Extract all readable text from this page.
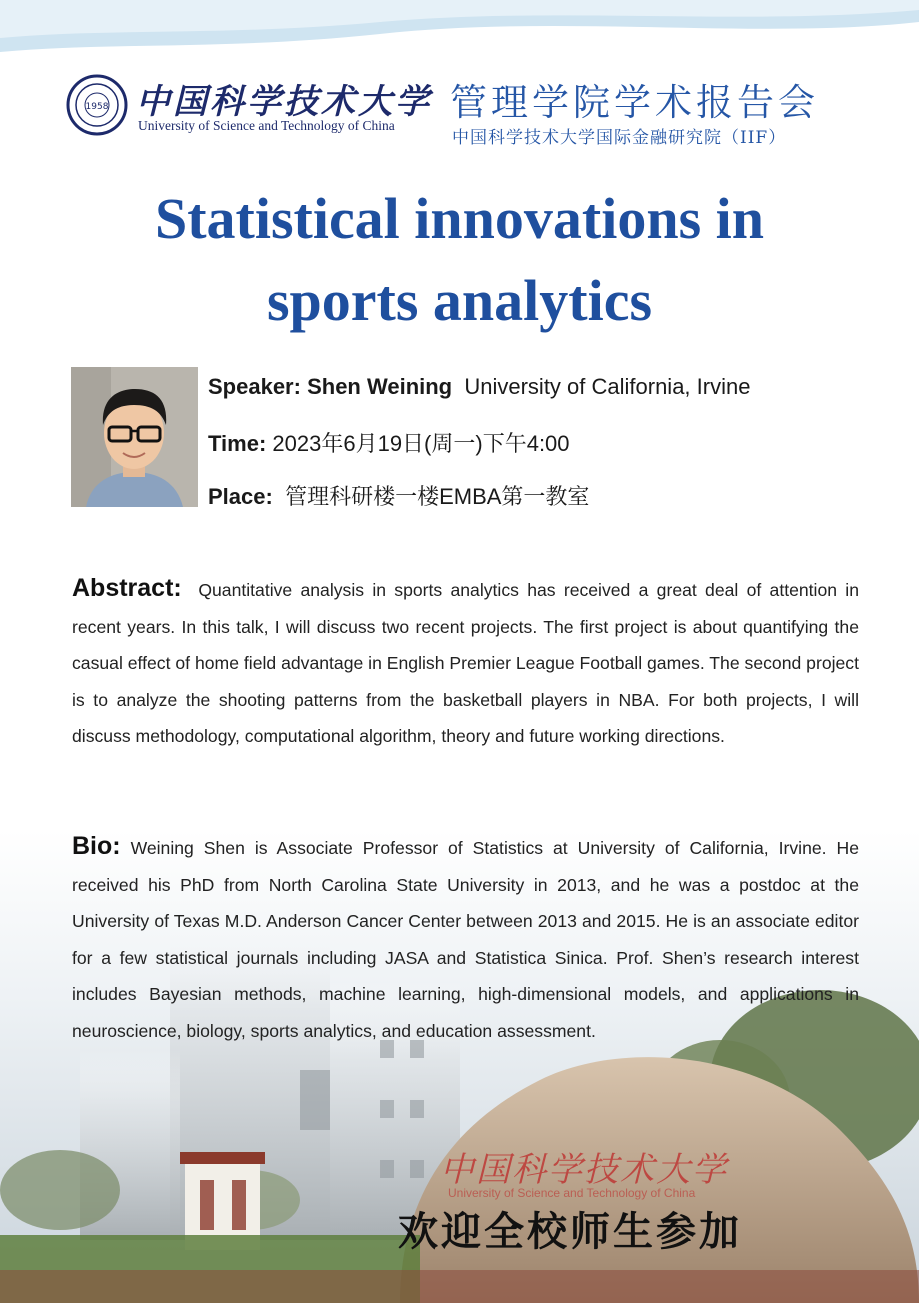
1958 中国科学技术大学
University of Science and Technology of China
管理学院学术报告会
中国科学技术大学国际金融研究院（IIF）
Statistical innovations in
sports analytics
Speaker: Shen Weining University of California, Irvine
Time: 2023年6月19日(周一)下午4:00
Place: 管理科研楼一楼EMBA第一教室

Abstract: Quantitative analysis in sports analytics has received a great deal of attention in recent years. In this talk, I will discuss two recent projects. The first project is about quantifying the casual effect of home field advantage in English Premier League Football games. The second project is to analyze the shooting patterns from the basketball players in NBA. For both projects, I will discuss methodology, computational algorithm, theory and future working directions.

Bio: Weining Shen is Associate Professor of Statistics at University of California, Irvine. He received his PhD from North Carolina State University in 2013, and he was a postdoc at the University of Texas M.D. Anderson Cancer Center between 2013 and 2015. He is an associate editor for a few statistical journals including JASA and Statistica Sinica. Prof. Shen’s research interest includes Bayesian methods, machine learning, high-dimensional models, and applications in neuroscience, biology, sports analytics, and education assessment.

中国科学技术大学
University of Science and Technology of China
欢迎全校师生参加
